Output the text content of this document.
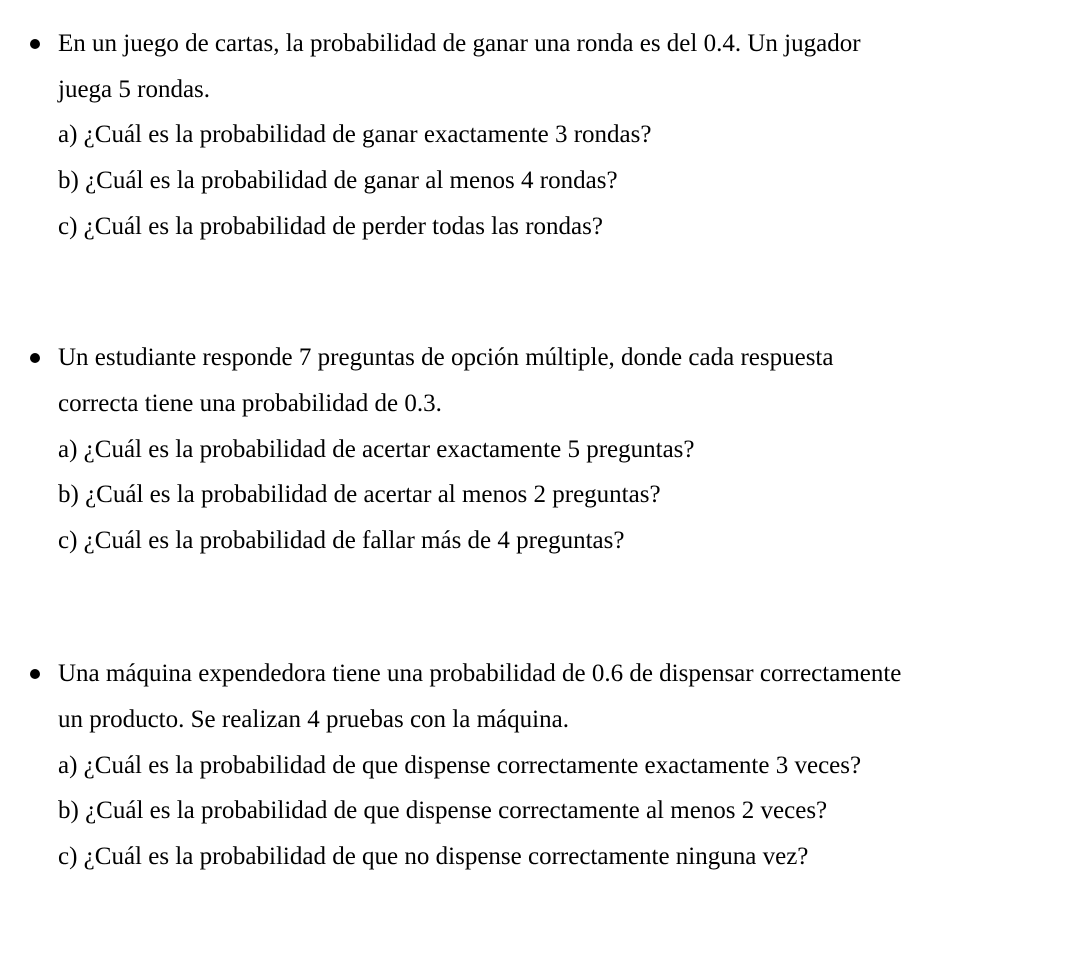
En un juego de cartas, la probabilidad de ganar una ronda es del 0.4. Un jugador
juega 5 rondas.
a) ¿Cuál es la probabilidad de ganar exactamente 3 rondas?
b) ¿Cuál es la probabilidad de ganar al menos 4 rondas?
c) ¿Cuál es la probabilidad de perder todas las rondas?
Un estudiante responde 7 preguntas de opción múltiple, donde cada respuesta
correcta tiene una probabilidad de 0.3.
a) ¿Cuál es la probabilidad de acertar exactamente 5 preguntas?
b) ¿Cuál es la probabilidad de acertar al menos 2 preguntas?
c) ¿Cuál es la probabilidad de fallar más de 4 preguntas?
Una máquina expendedora tiene una probabilidad de 0.6 de dispensar correctamente
un producto. Se realizan 4 pruebas con la máquina.
a) ¿Cuál es la probabilidad de que dispense correctamente exactamente 3 veces?
b) ¿Cuál es la probabilidad de que dispense correctamente al menos 2 veces?
c) ¿Cuál es la probabilidad de que no dispense correctamente ninguna vez?
